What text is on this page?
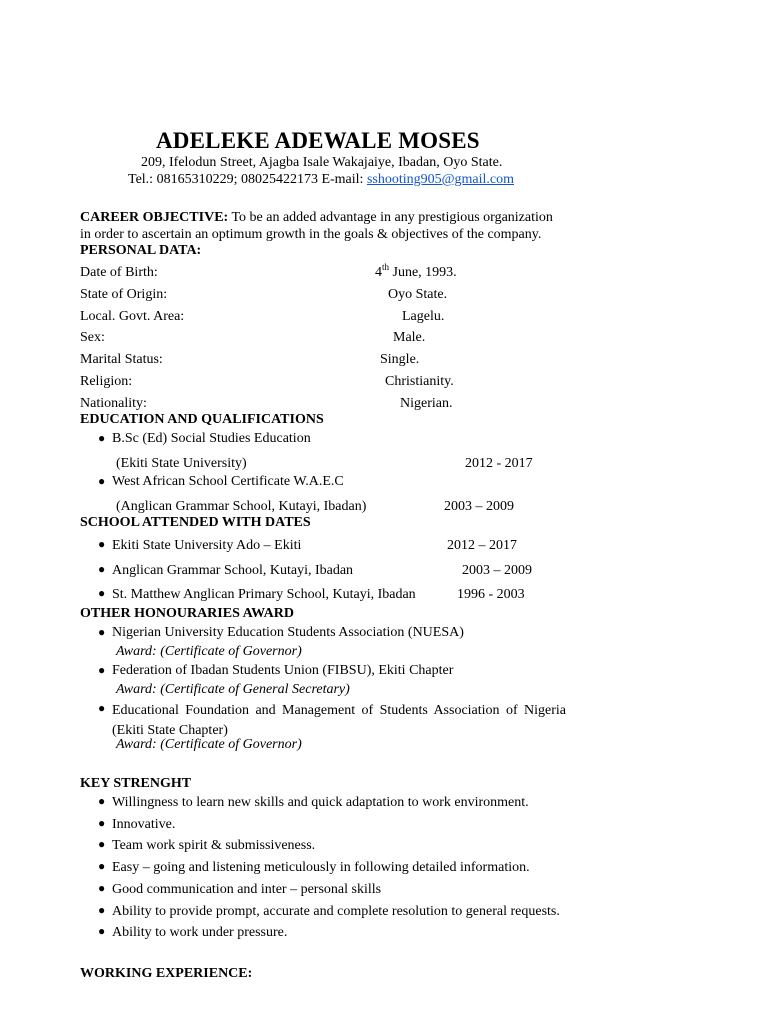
ADELEKE ADEWALE MOSES
209, Ifelodun Street, Ajagba Isale Wakajaiye, Ibadan, Oyo State.
Tel.: 08165310229; 08025422173 E-mail: sshooting905@gmail.com
CAREER OBJECTIVE: To be an added advantage in any prestigious organization
in order to ascertain an optimum growth in the goals & objectives of the company.
PERSONAL DATA:
Date of Birth:	4th June, 1993.
State of Origin:	Oyo State.
Local. Govt. Area:	Lagelu.
Sex:	Male.
Marital Status:	Single.
Religion:	Christianity.
Nationality:	Nigerian.
EDUCATION AND QUALIFICATIONS
● B.Sc (Ed) Social Studies Education
(Ekiti State University)	2012 - 2017
● West African School Certificate W.A.E.C
(Anglican Grammar School, Kutayi, Ibadan)	2003 – 2009
SCHOOL ATTENDED WITH DATES
● Ekiti State University Ado – Ekiti	2012 – 2017
● Anglican Grammar School, Kutayi, Ibadan	2003 – 2009
● St. Matthew Anglican Primary School, Kutayi, Ibadan	1996 - 2003
OTHER HONOURARIES AWARD
● Nigerian University Education Students Association (NUESA)
Award: (Certificate of Governor)
● Federation of Ibadan Students Union (FIBSU), Ekiti Chapter
Award: (Certificate of General Secretary)
● Educational Foundation and Management of Students Association of Nigeria (Ekiti State Chapter)
Award: (Certificate of Governor)
KEY STRENGHT
● Willingness to learn new skills and quick adaptation to work environment.
● Innovative.
● Team work spirit & submissiveness.
● Easy – going and listening meticulously in following detailed information.
● Good communication and inter – personal skills
● Ability to provide prompt, accurate and complete resolution to general requests.
● Ability to work under pressure.
WORKING EXPERIENCE:
